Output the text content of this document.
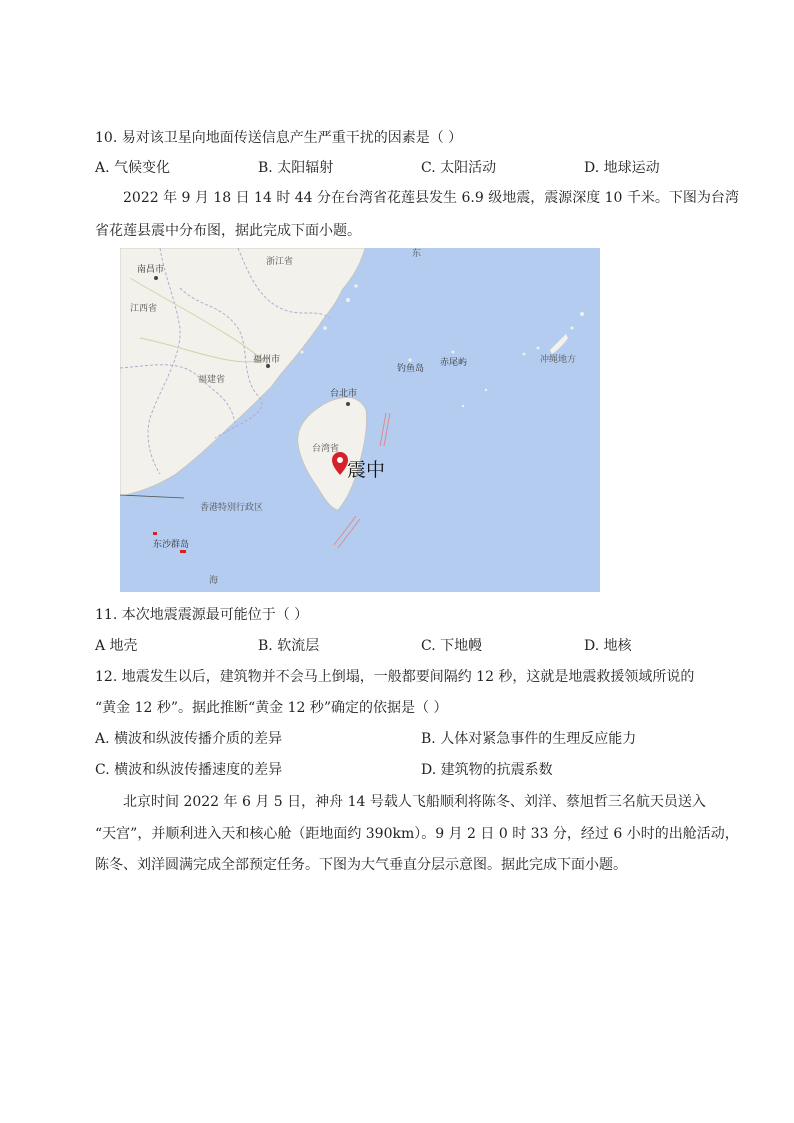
10. 易对该卫星向地面传送信息产生严重干扰的因素是（ ）
A. 气候变化	B. 太阳辐射	C. 太阳活动	D. 地球运动
2022 年 9 月 18 日 14 时 44 分在台湾省花莲县发生 6.9 级地震，震源深度 10 千米。下图为台湾
省花莲县震中分布图，据此完成下面小题。
南昌市
浙江省
江西省
福州市
福建省
钓鱼岛
赤尾屿	冲绳地方
台北市
台湾省
香港特别行政区
东沙群岛
海
东
震中
11. 本次地震震源最可能位于（ ）
A 地壳	B. 软流层	C. 下地幔	D. 地核
12. 地震发生以后，建筑物并不会马上倒塌，一般都要间隔约 12 秒，这就是地震救援领域所说的
“黄金 12 秒”。据此推断“黄金 12 秒”确定的依据是（ ）
A. 横波和纵波传播介质的差异	B. 人体对紧急事件的生理反应能力
C. 横波和纵波传播速度的差异	D. 建筑物的抗震系数
北京时间 2022 年 6 月 5 日，神舟 14 号载人飞船顺利将陈冬、刘洋、蔡旭哲三名航天员送入
“天宫”，并顺利进入天和核心舱（距地面约 390km）。9 月 2 日 0 时 33 分，经过 6 小时的出舱活动，
陈冬、刘洋圆满完成全部预定任务。下图为大气垂直分层示意图。据此完成下面小题。
